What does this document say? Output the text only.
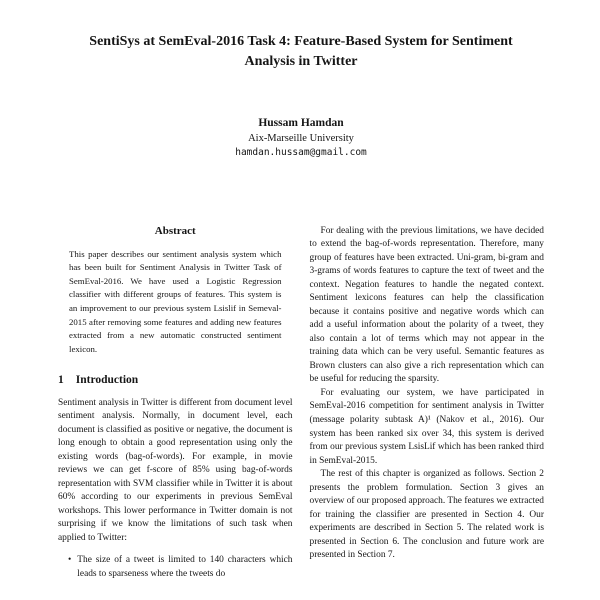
SentiSys at SemEval-2016 Task 4: Feature-Based System for Sentiment Analysis in Twitter
Hussam Hamdan
Aix-Marseille University
hamdan.hussam@gmail.com
Abstract

This paper describes our sentiment analysis system which has been built for Sentiment Analysis in Twitter Task of SemEval-2016. We have used a Logistic Regression classifier with different groups of features. This system is an improvement to our previous system Lsislif in Semeval-2015 after removing some features and adding new features extracted from a new automatic constructed sentiment lexicon.

1 Introduction

Sentiment analysis in Twitter is different from document level sentiment analysis. Normally, in document level, each document is classified as positive or negative, the document is long enough to obtain a good representation using only the existing words (bag-of-words). For example, in movie reviews we can get f-score of 85% using bag-of-words representation with SVM classifier while in Twitter it is about 60% according to our experiments in previous SemEval workshops. This lower performance in Twitter domain is not surprising if we know the limitations of such task when applied to Twitter:

• The size of a tweet is limited to 140 characters which leads to sparseness where the tweets do

For dealing with the previous limitations, we have decided to extend the bag-of-words representation. Therefore, many group of features have been extracted. Uni-gram, bi-gram and 3-grams of words features to capture the text of tweet and the context. Negation features to handle the negated context. Sentiment lexicons features can help the classification because it contains positive and negative words which can add a useful information about the polarity of a tweet, they also contain a lot of terms which may not appear in the training data which can be very useful. Semantic features as Brown clusters can also give a rich representation which can be useful for reducing the sparsity.

For evaluating our system, we have participated in SemEval-2016 competition for sentiment analysis in Twitter (message polarity subtask A)¹ (Nakov et al., 2016). Our system has been ranked six over 34, this system is derived from our previous system LsisLif which has been ranked third in SemEval-2015.

The rest of this chapter is organized as follows. Section 2 presents the problem formulation. Section 3 gives an overview of our proposed approach. The features we extracted for training the classifier are presented in Section 4. Our experiments are described in Section 5. The related work is presented in Section 6. The conclusion and future work are presented in Section 7.
